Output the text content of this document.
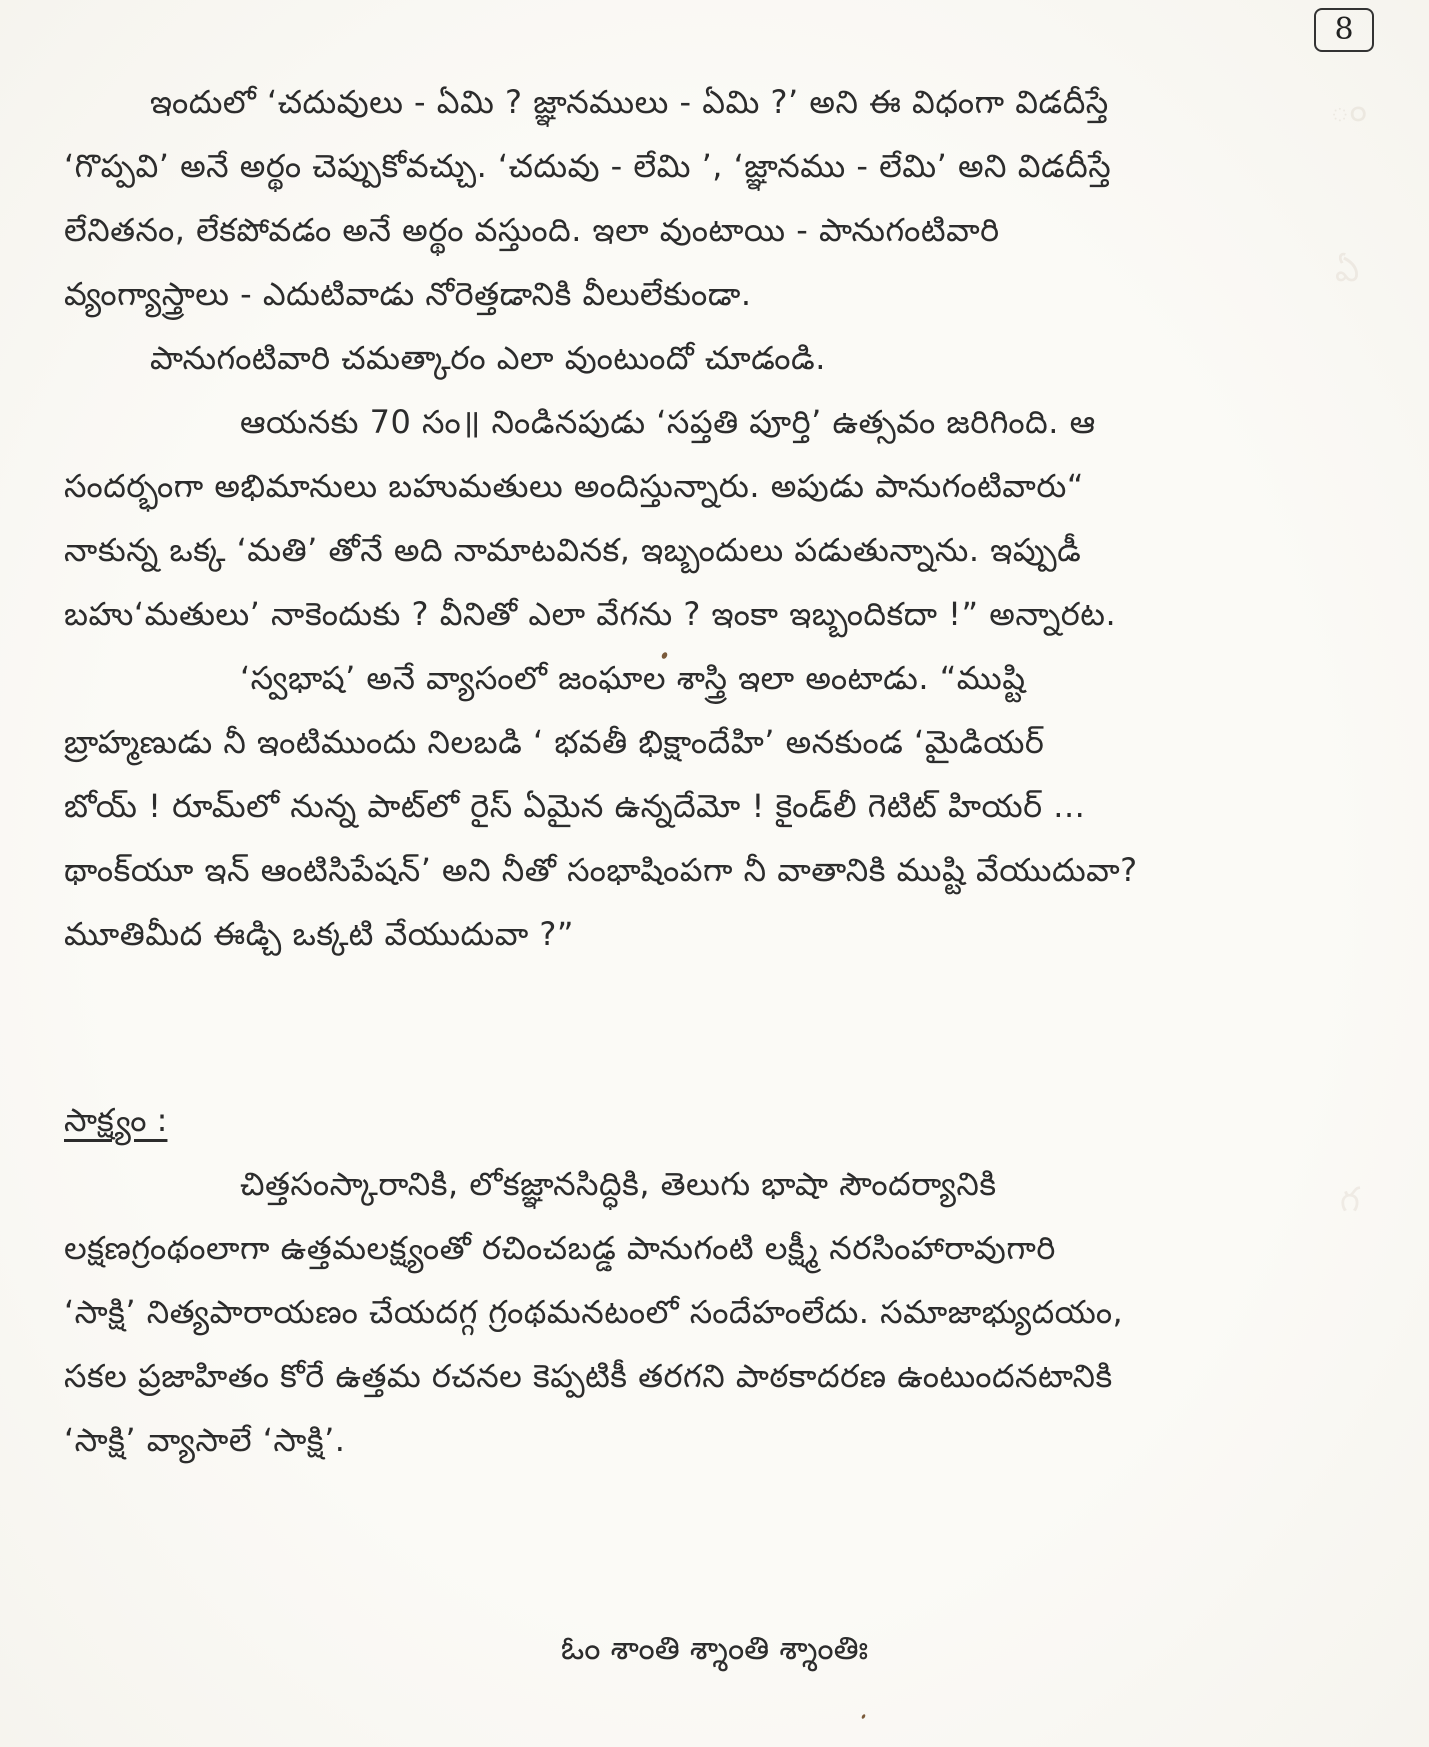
ం
ఏ
గ
8
ఇందులో ‘చదువులు - ఏమి ? జ్ఞానములు - ఏమి ?’ అని ఈ విధంగా విడదీస్తే
‘గొప్పవి’ అనే అర్థం చెప్పుకోవచ్చు. ‘చదువు - లేమి ’, ‘జ్ఞానము - లేమి’ అని విడదీస్తే
లేనితనం, లేకపోవడం అనే అర్థం వస్తుంది. ఇలా వుంటాయి - పానుగంటివారి
వ్యంగ్యాస్త్రాలు - ఎదుటివాడు నోరెత్తడానికి వీలులేకుండా.
పానుగంటివారి చమత్కారం ఎలా వుంటుందో చూడండి.
ఆయనకు 70 సం॥ నిండినపుడు ‘సప్తతి పూర్తి’ ఉత్సవం జరిగింది. ఆ
సందర్భంగా అభిమానులు బహుమతులు అందిస్తున్నారు. అపుడు పానుగంటివారు“
నాకున్న ఒక్క ‘మతి’ తోనే అది నామాటవినక, ఇబ్బందులు పడుతున్నాను. ఇప్పుడీ
బహు‘మతులు’ నాకెందుకు ? వీనితో ఎలా వేగను ? ఇంకా ఇబ్బందికదా !” అన్నారట.
‘స్వభాష’ అనే వ్యాసంలో జంఘాల శాస్త్రి ఇలా అంటాడు. “ముష్టి
బ్రాహ్మణుడు నీ ఇంటిముందు నిలబడి ‘ భవతీ భిక్షాందేహి’ అనకుండ ‘మైడియర్
బోయ్ ! రూమ్‌లో నున్న పాట్‌లో రైస్ ఏమైన ఉన్నదేమో ! కైండ్‌లీ గెటిట్ హియర్ ...
థాంక్‌యూ ఇన్ ఆంటిసిపేషన్’ అని నీతో సంభాషింపగా నీ వాతానికి ముష్టి వేయుదువా?
మూతిమీద ఈడ్చి ఒక్కటి వేయుదువా ?”
సాక్ష్యం :
చిత్తసంస్కారానికి, లోకజ్ఞానసిద్ధికి, తెలుగు భాషా సౌందర్యానికి
లక్షణగ్రంథంలాగా ఉత్తమలక్ష్యంతో రచించబడ్డ పానుగంటి లక్ష్మీ నరసింహారావుగారి
‘సాక్షి’ నిత్యపారాయణం చేయదగ్గ గ్రంథమనటంలో సందేహంలేదు. సమాజాభ్యుదయం,
సకల ప్రజాహితం కోరే ఉత్తమ రచనల కెప్పటికీ తరగని పాఠకాదరణ ఉంటుందనటానికి
‘సాక్షి’ వ్యాసాలే ‘సాక్షి’.
ఓం శాంతి శ్శాంతి శ్శాంతిః
